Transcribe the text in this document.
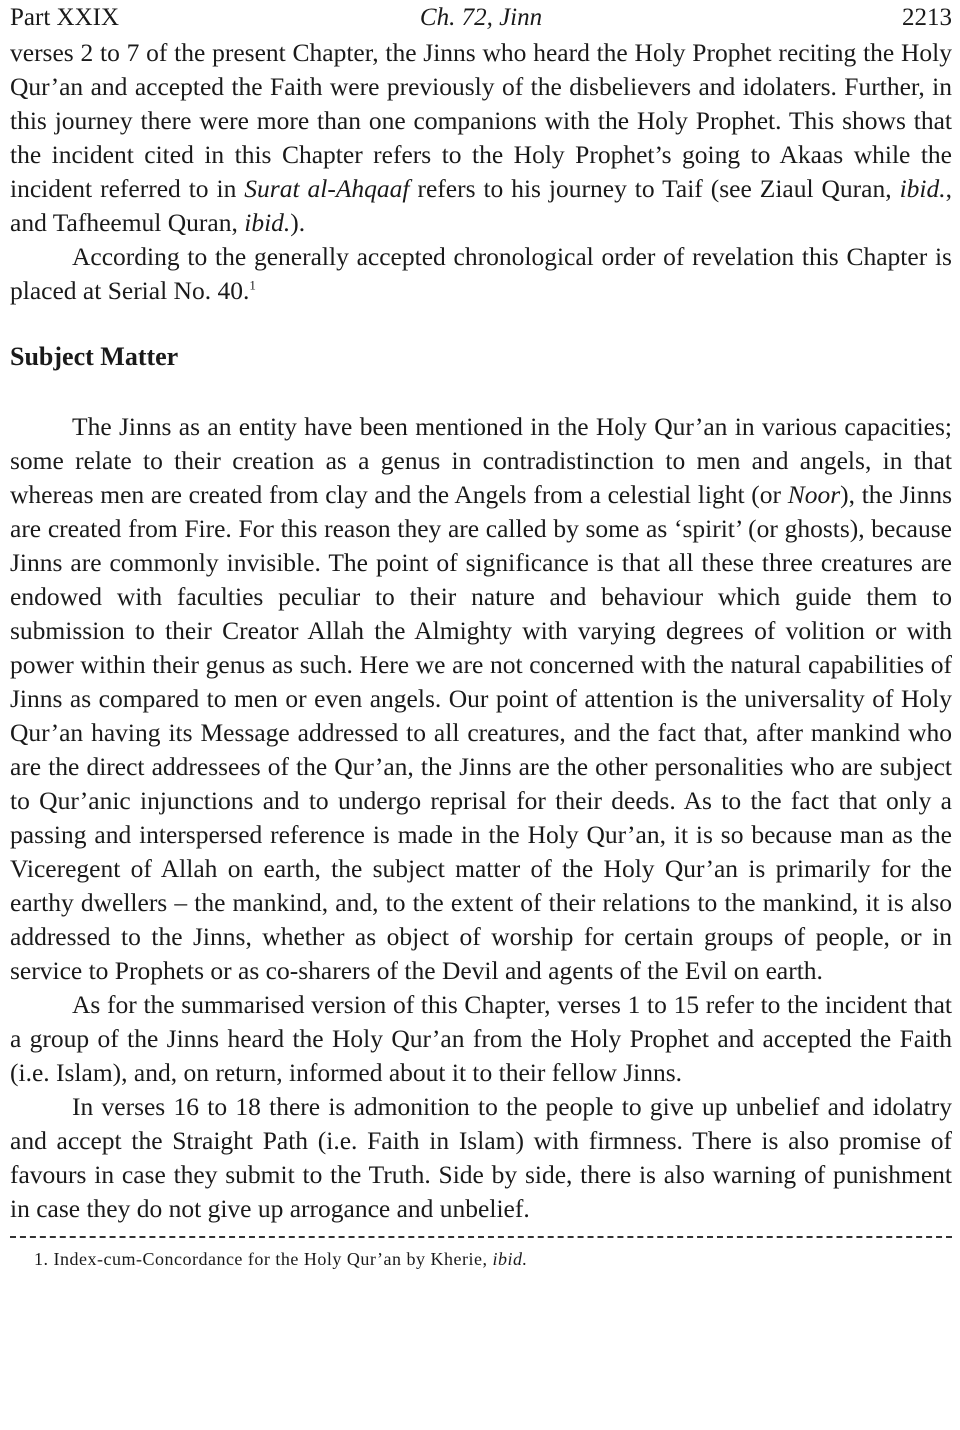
Part XXIX	Ch. 72, Jinn	2213

verses 2 to 7 of the present Chapter, the Jinns who heard the Holy Prophet reciting the Holy Qur’an and accepted the Faith were previously of the disbelievers and idolaters. Further, in this journey there were more than one companions with the Holy Prophet. This shows that the incident cited in this Chapter refers to the Holy Prophet’s going to Akaas while the incident referred to in Surat al-Ahqaaf refers to his journey to Taif (see Ziaul Quran, ibid., and Tafheemul Quran, ibid.).

According to the generally accepted chronological order of revelation this Chapter is placed at Serial No. 40.$^1$

Subject Matter

The Jinns as an entity have been mentioned in the Holy Qur’an in various capacities; some relate to their creation as a genus in contradistinction to men and angels, in that whereas men are created from clay and the Angels from a celestial light (or Noor), the Jinns are created from Fire. For this reason they are called by some as ‘spirit’ (or ghosts), because Jinns are commonly invisible. The point of significance is that all these three creatures are endowed with faculties peculiar to their nature and behaviour which guide them to submission to their Creator Allah the Almighty with varying degrees of volition or with power within their genus as such. Here we are not concerned with the natural capabilities of Jinns as compared to men or even angels. Our point of attention is the universality of Holy Qur’an having its Message addressed to all creatures, and the fact that, after mankind who are the direct addressees of the Qur’an, the Jinns are the other personalities who are subject to Qur’anic injunctions and to undergo reprisal for their deeds. As to the fact that only a passing and interspersed reference is made in the Holy Qur’an, it is so because man as the Viceregent of Allah on earth, the subject matter of the Holy Qur’an is primarily for the earthy dwellers – the mankind, and, to the extent of their relations to the mankind, it is also addressed to the Jinns, whether as object of worship for certain groups of people, or in service to Prophets or as co-sharers of the Devil and agents of the Evil on earth.

As for the summarised version of this Chapter, verses 1 to 15 refer to the incident that a group of the Jinns heard the Holy Qur’an from the Holy Prophet and accepted the Faith (i.e. Islam), and, on return, informed about it to their fellow Jinns.

In verses 16 to 18 there is admonition to the people to give up unbelief and idolatry and accept the Straight Path (i.e. Faith in Islam) with firmness. There is also promise of favours in case they submit to the Truth. Side by side, there is also warning of punishment in case they do not give up arrogance and unbelief.

1. Index-cum-Concordance for the Holy Qur’an by Kherie, ibid.
